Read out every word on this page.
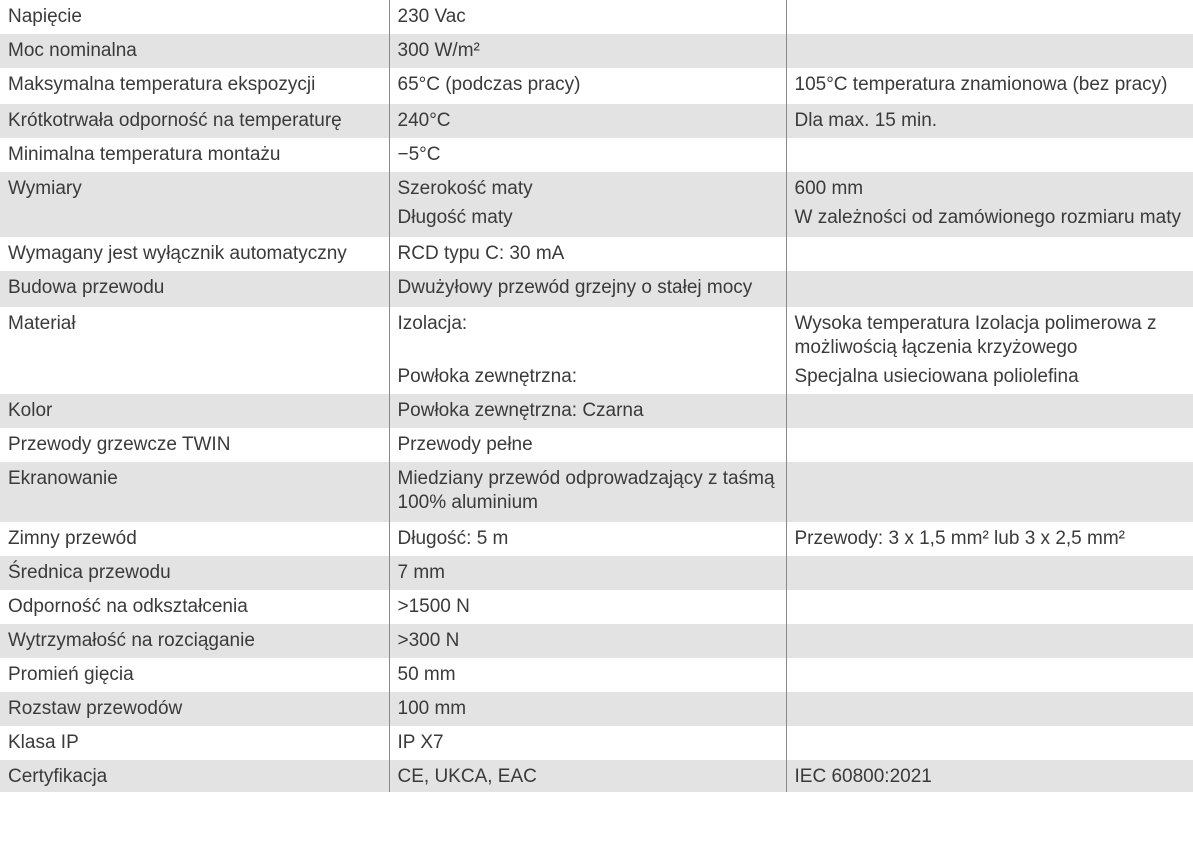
Napięcie	230 Vac	
Moc nominalna	300 W/m²	
Maksymalna temperatura ekspozycji	65°C (podczas pracy)	105°C temperatura znamionowa (bez pracy)
Krótkotrwała odporność na temperaturę	240°C	Dla max. 15 min.
Minimalna temperatura montażu	−5°C	
Wymiary	Szerokość maty	600 mm
	Długość maty	W zależności od zamówionego rozmiaru maty
Wymagany jest wyłącznik automatyczny	RCD typu C: 30 mA	
Budowa przewodu	Dwużyłowy przewód grzejny o stałej mocy	
Materiał	Izolacja:	Wysoka temperatura Izolacja polimerowa z możliwością łączenia krzyżowego
	Powłoka zewnętrzna:	Specjalna usieciowana poliolefina
Kolor	Powłoka zewnętrzna: Czarna	
Przewody grzewcze TWIN	Przewody pełne	
Ekranowanie	Miedziany przewód odprowadzający z taśmą 100% aluminium	
Zimny przewód	Długość: 5 m	Przewody: 3 x 1,5 mm² lub 3 x 2,5 mm²
Średnica przewodu	7 mm	
Odporność na odkształcenia	>1500 N	
Wytrzymałość na rozciąganie	>300 N	
Promień gięcia	50 mm	
Rozstaw przewodów	100 mm	
Klasa IP	IP X7	
Certyfikacja	CE, UKCA, EAC	IEC 60800:2021
